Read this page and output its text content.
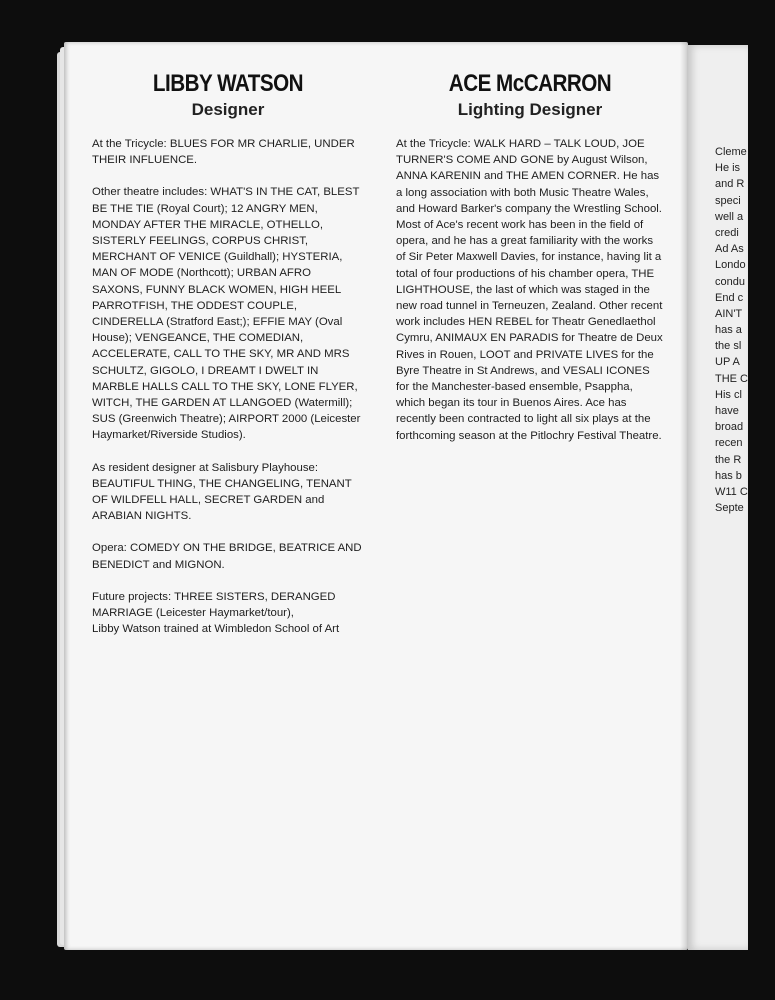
LIBBY WATSON
Designer

At the Tricycle: BLUES FOR MR CHARLIE, UNDER THEIR INFLUENCE.

Other theatre includes: WHAT'S IN THE CAT, BLEST BE THE TIE (Royal Court); 12 ANGRY MEN, MONDAY AFTER THE MIRACLE, OTHELLO, SISTERLY FEELINGS, CORPUS CHRIST, MERCHANT OF VENICE (Guildhall); HYSTERIA, MAN OF MODE (Northcott); URBAN AFRO SAXONS, FUNNY BLACK WOMEN, HIGH HEEL PARROTFISH, THE ODDEST COUPLE, CINDERELLA (Stratford East;); EFFIE MAY (Oval House); VENGEANCE, THE COMEDIAN, ACCELERATE, CALL TO THE SKY, MR AND MRS SCHULTZ, GIGOLO, I DREAMT I DWELT IN MARBLE HALLS CALL TO THE SKY, LONE FLYER, WITCH, THE GARDEN AT LLANGOED (Watermill); SUS (Greenwich Theatre); AIRPORT 2000 (Leicester Haymarket/Riverside Studios).

As resident designer at Salisbury Playhouse: BEAUTIFUL THING, THE CHANGELING, TENANT OF WILDFELL HALL, SECRET GARDEN and ARABIAN NIGHTS.

Opera: COMEDY ON THE BRIDGE, BEATRICE AND BENEDICT and MIGNON.

Future projects: THREE SISTERS, DERANGED MARRIAGE (Leicester Haymarket/tour),
Libby Watson trained at Wimbledon School of Art

ACE McCARRON
Lighting Designer

At the Tricycle: WALK HARD – TALK LOUD, JOE TURNER'S COME AND GONE by August Wilson, ANNA KARENIN and THE AMEN CORNER. He has a long association with both Music Theatre Wales, and Howard Barker's company the Wrestling School. Most of Ace's recent work has been in the field of opera, and he has a great familiarity with the works of Sir Peter Maxwell Davies, for instance, having lit a total of four productions of his chamber opera, THE LIGHTHOUSE, the last of which was staged in the new road tunnel in Terneuzen, Zealand. Other recent work includes HEN REBEL for Theatr Genedlaethol Cymru, ANIMAUX EN PARADIS for Theatre de Deux Rives in Rouen, LOOT and PRIVATE LIVES for the Byre Theatre in St Andrews, and VESALI ICONES for the Manchester-based ensemble, Psappha, which began its tour in Buenos Aires. Ace has recently been contracted to light all six plays at the forthcoming season at the Pitlochry Festival Theatre.

Cleme
He is
and R
speci
well a
credi
Ad As
Londo
condu
End c
AIN'T
has a
the sl
UP A
THE C
His cl
have
broad
recen
the R
has b
W11 C
Septe
